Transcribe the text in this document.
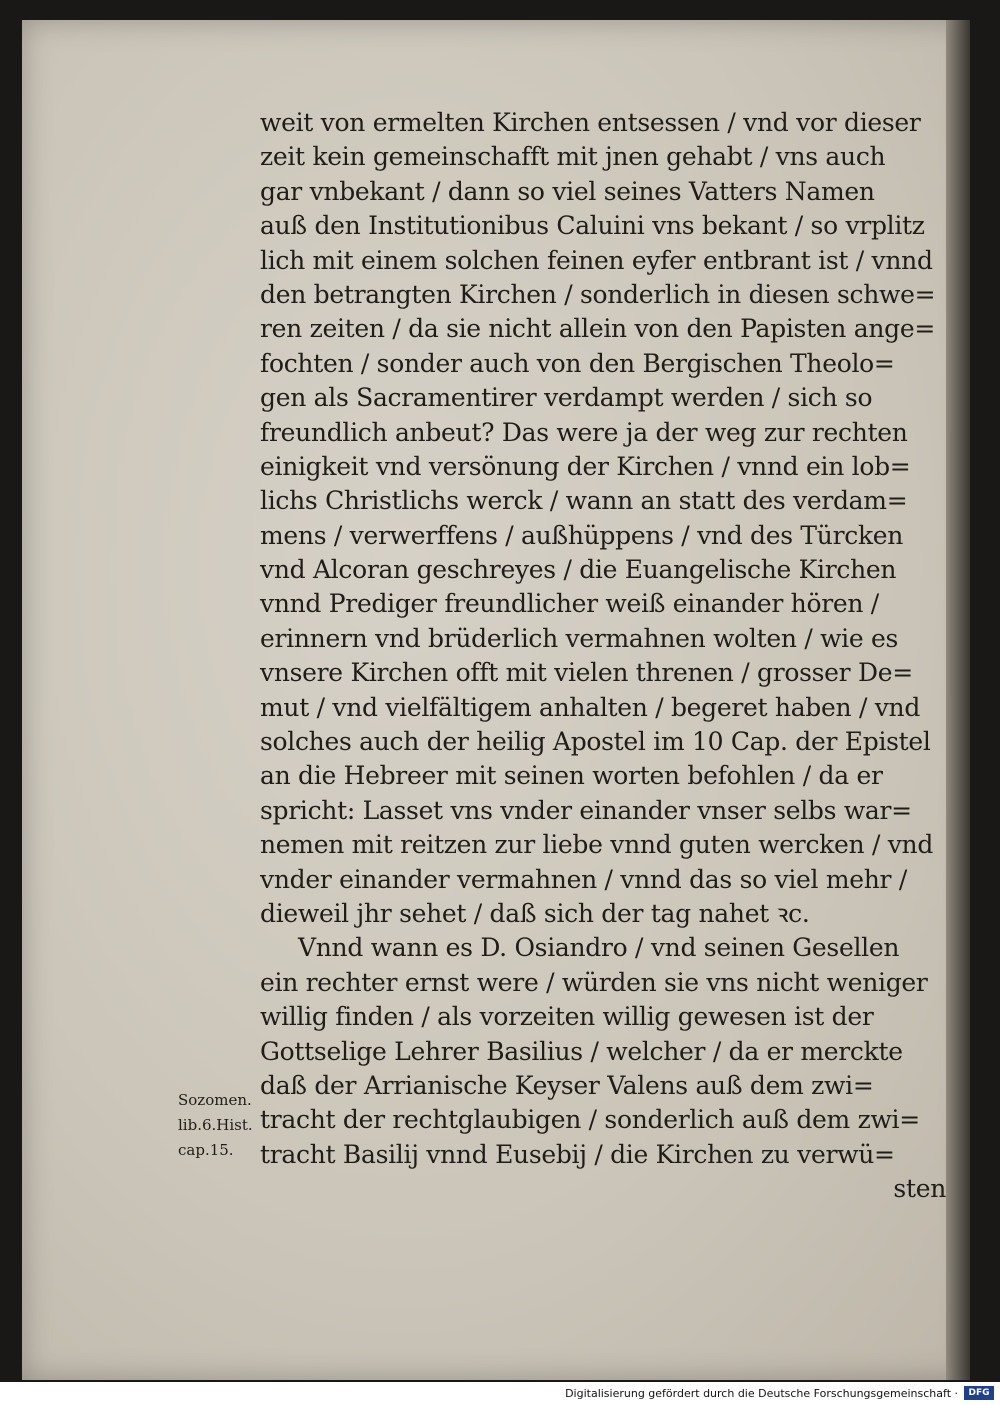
weit von ermelten Kirchen entsessen / vnd vor dieser
zeit kein gemeinschafft mit jnen gehabt / vns auch
gar vnbekant / dann so viel seines Vatters Namen
auß den Institutionibus Caluini vns bekant / so vrplitz
lich mit einem solchen feinen eyfer entbrant ist / vnnd
den betrangten Kirchen / sonderlich in diesen schwe=
ren zeiten / da sie nicht allein von den Papisten ange=
fochten / sonder auch von den Bergischen Theolo=
gen als Sacramentirer verdampt werden / sich so
freundlich anbeut? Das were ja der weg zur rechten
einigkeit vnd versönung der Kirchen / vnnd ein lob=
lichs Christlichs werck / wann an statt des verdam=
mens / verwerffens / außhüppens / vnd des Türcken
vnd Alcoran geschreyes / die Euangelische Kirchen
vnnd Prediger freundlicher weiß einander hören /
erinnern vnd brüderlich vermahnen wolten / wie es
vnsere Kirchen offt mit vielen threnen / grosser De=
mut / vnd vielfältigem anhalten / begeret haben / vnd
solches auch der heilig Apostel im 10 Cap. der Epistel
an die Hebreer mit seinen worten befohlen / da er
spricht: Lasset vns vnder einander vnser selbs war=
nemen mit reitzen zur liebe vnnd guten wercken / vnd
vnder einander vermahnen / vnnd das so viel mehr /
dieweil jhr sehet / daß sich der tag nahet ꝛc.
Vnnd wann es D. Osiandro / vnd seinen Gesellen
ein rechter ernst were / würden sie vns nicht weniger
willig finden / als vorzeiten willig gewesen ist der
Gottselige Lehrer Basilius / welcher / da er merckte
daß der Arrianische Keyser Valens auß dem zwi=
tracht der rechtglaubigen / sonderlich auß dem zwi=
tracht Basilij vnnd Eusebij / die Kirchen zu verwü=
sten
Sozomen.
lib.6.Hist.
cap.15.
Digitalisierung gefördert durch die Deutsche Forschungsgemeinschaft ·	DFG
